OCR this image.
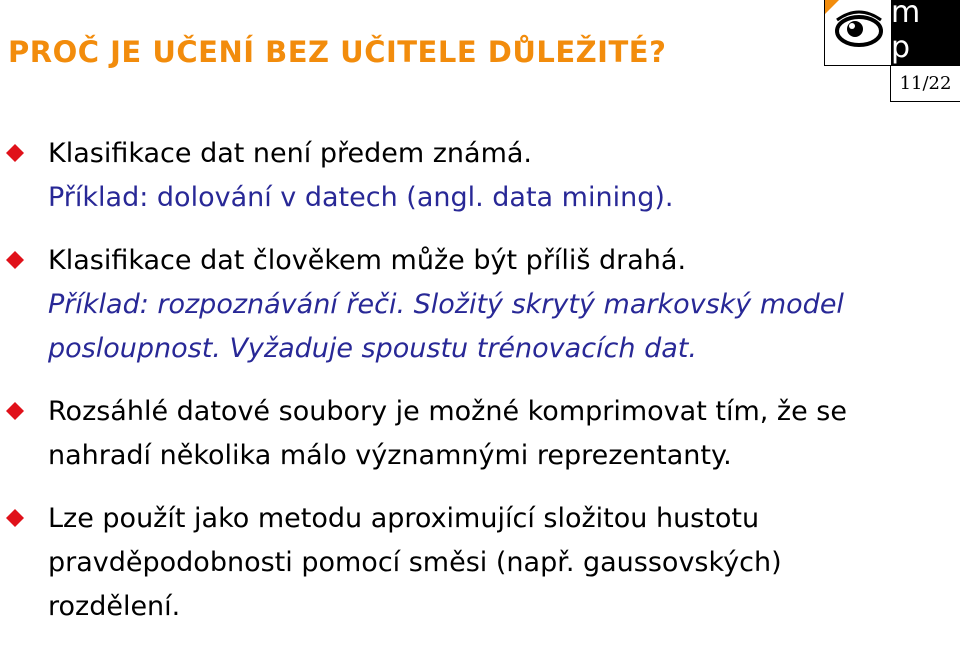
PROČ JE UČENÍ BEZ UČITELE DŮLEŽITÉ?
m p
11/22
Klasifikace dat není předem známá.
Příklad: dolování v datech (angl. data mining).
Klasifikace dat člověkem může být příliš drahá.
Příklad: rozpoznávání řeči. Složitý skrytý markovský model
posloupnost. Vyžaduje spoustu trénovacích dat.
Rozsáhlé datové soubory je možné komprimovat tím, že se
nahradí několika málo významnými reprezentanty.
Lze použít jako metodu aproximující složitou hustotu
pravděpodobnosti pomocí směsi (např. gaussovských)
rozdělení.
